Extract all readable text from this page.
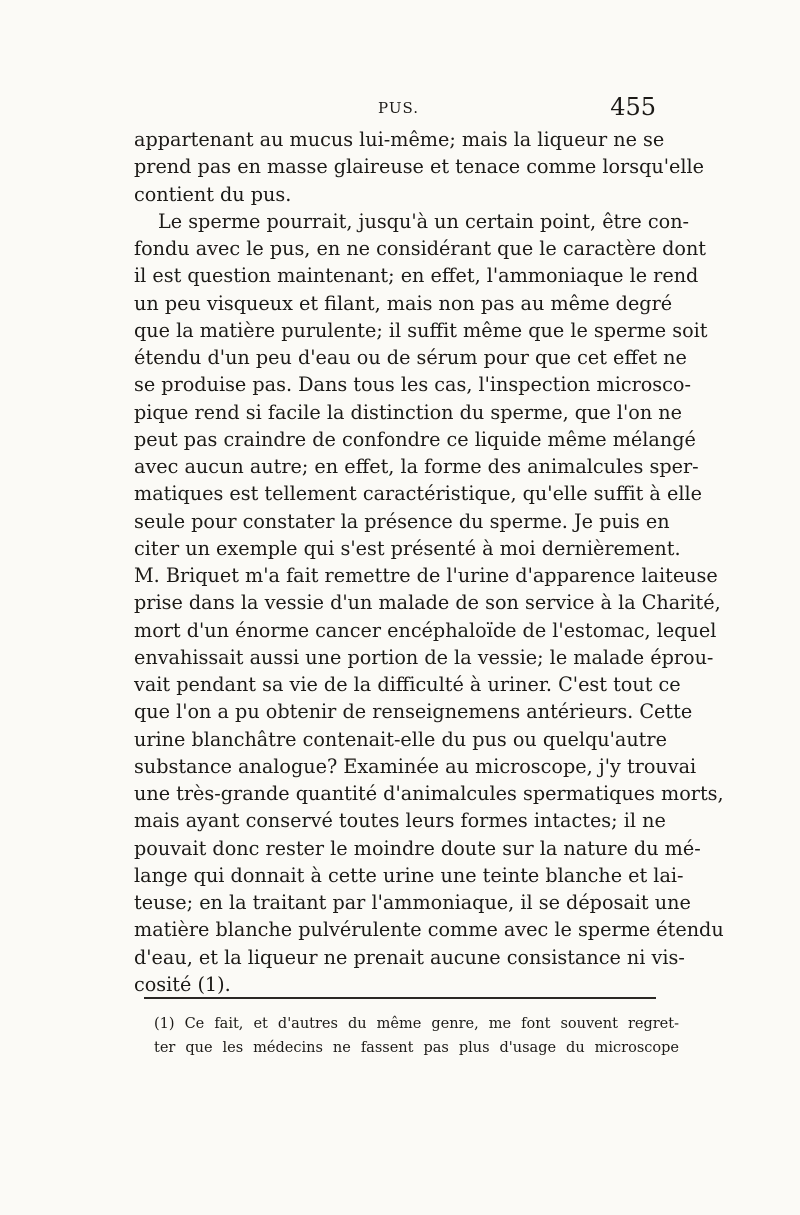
PUS.	455
appartenant au mucus lui-même; mais la liqueur ne se
prend pas en masse glaireuse et tenace comme lorsqu'elle
contient du pus.
Le sperme pourrait, jusqu'à un certain point, être con-
fondu avec le pus, en ne considérant que le caractère dont
il est question maintenant; en effet, l'ammoniaque le rend
un peu visqueux et filant, mais non pas au même degré
que la matière purulente; il suffit même que le sperme soit
étendu d'un peu d'eau ou de sérum pour que cet effet ne
se produise pas. Dans tous les cas, l'inspection microsco-
pique rend si facile la distinction du sperme, que l'on ne
peut pas craindre de confondre ce liquide même mélangé
avec aucun autre; en effet, la forme des animalcules sper-
matiques est tellement caractéristique, qu'elle suffit à elle
seule pour constater la présence du sperme. Je puis en
citer un exemple qui s'est présenté à moi dernièrement.
M. Briquet m'a fait remettre de l'urine d'apparence laiteuse
prise dans la vessie d'un malade de son service à la Charité,
mort d'un énorme cancer encéphaloïde de l'estomac, lequel
envahissait aussi une portion de la vessie; le malade éprou-
vait pendant sa vie de la difficulté à uriner. C'est tout ce
que l'on a pu obtenir de renseignemens antérieurs. Cette
urine blanchâtre contenait-elle du pus ou quelqu'autre
substance analogue? Examinée au microscope, j'y trouvai
une très-grande quantité d'animalcules spermatiques morts,
mais ayant conservé toutes leurs formes intactes; il ne
pouvait donc rester le moindre doute sur la nature du mé-
lange qui donnait à cette urine une teinte blanche et lai-
teuse; en la traitant par l'ammoniaque, il se déposait une
matière blanche pulvérulente comme avec le sperme étendu
d'eau, et la liqueur ne prenait aucune consistance ni vis-
cosité (1).
(1) Ce fait, et d'autres du même genre, me font souvent regret-
ter que les médecins ne fassent pas plus d'usage du microscope
